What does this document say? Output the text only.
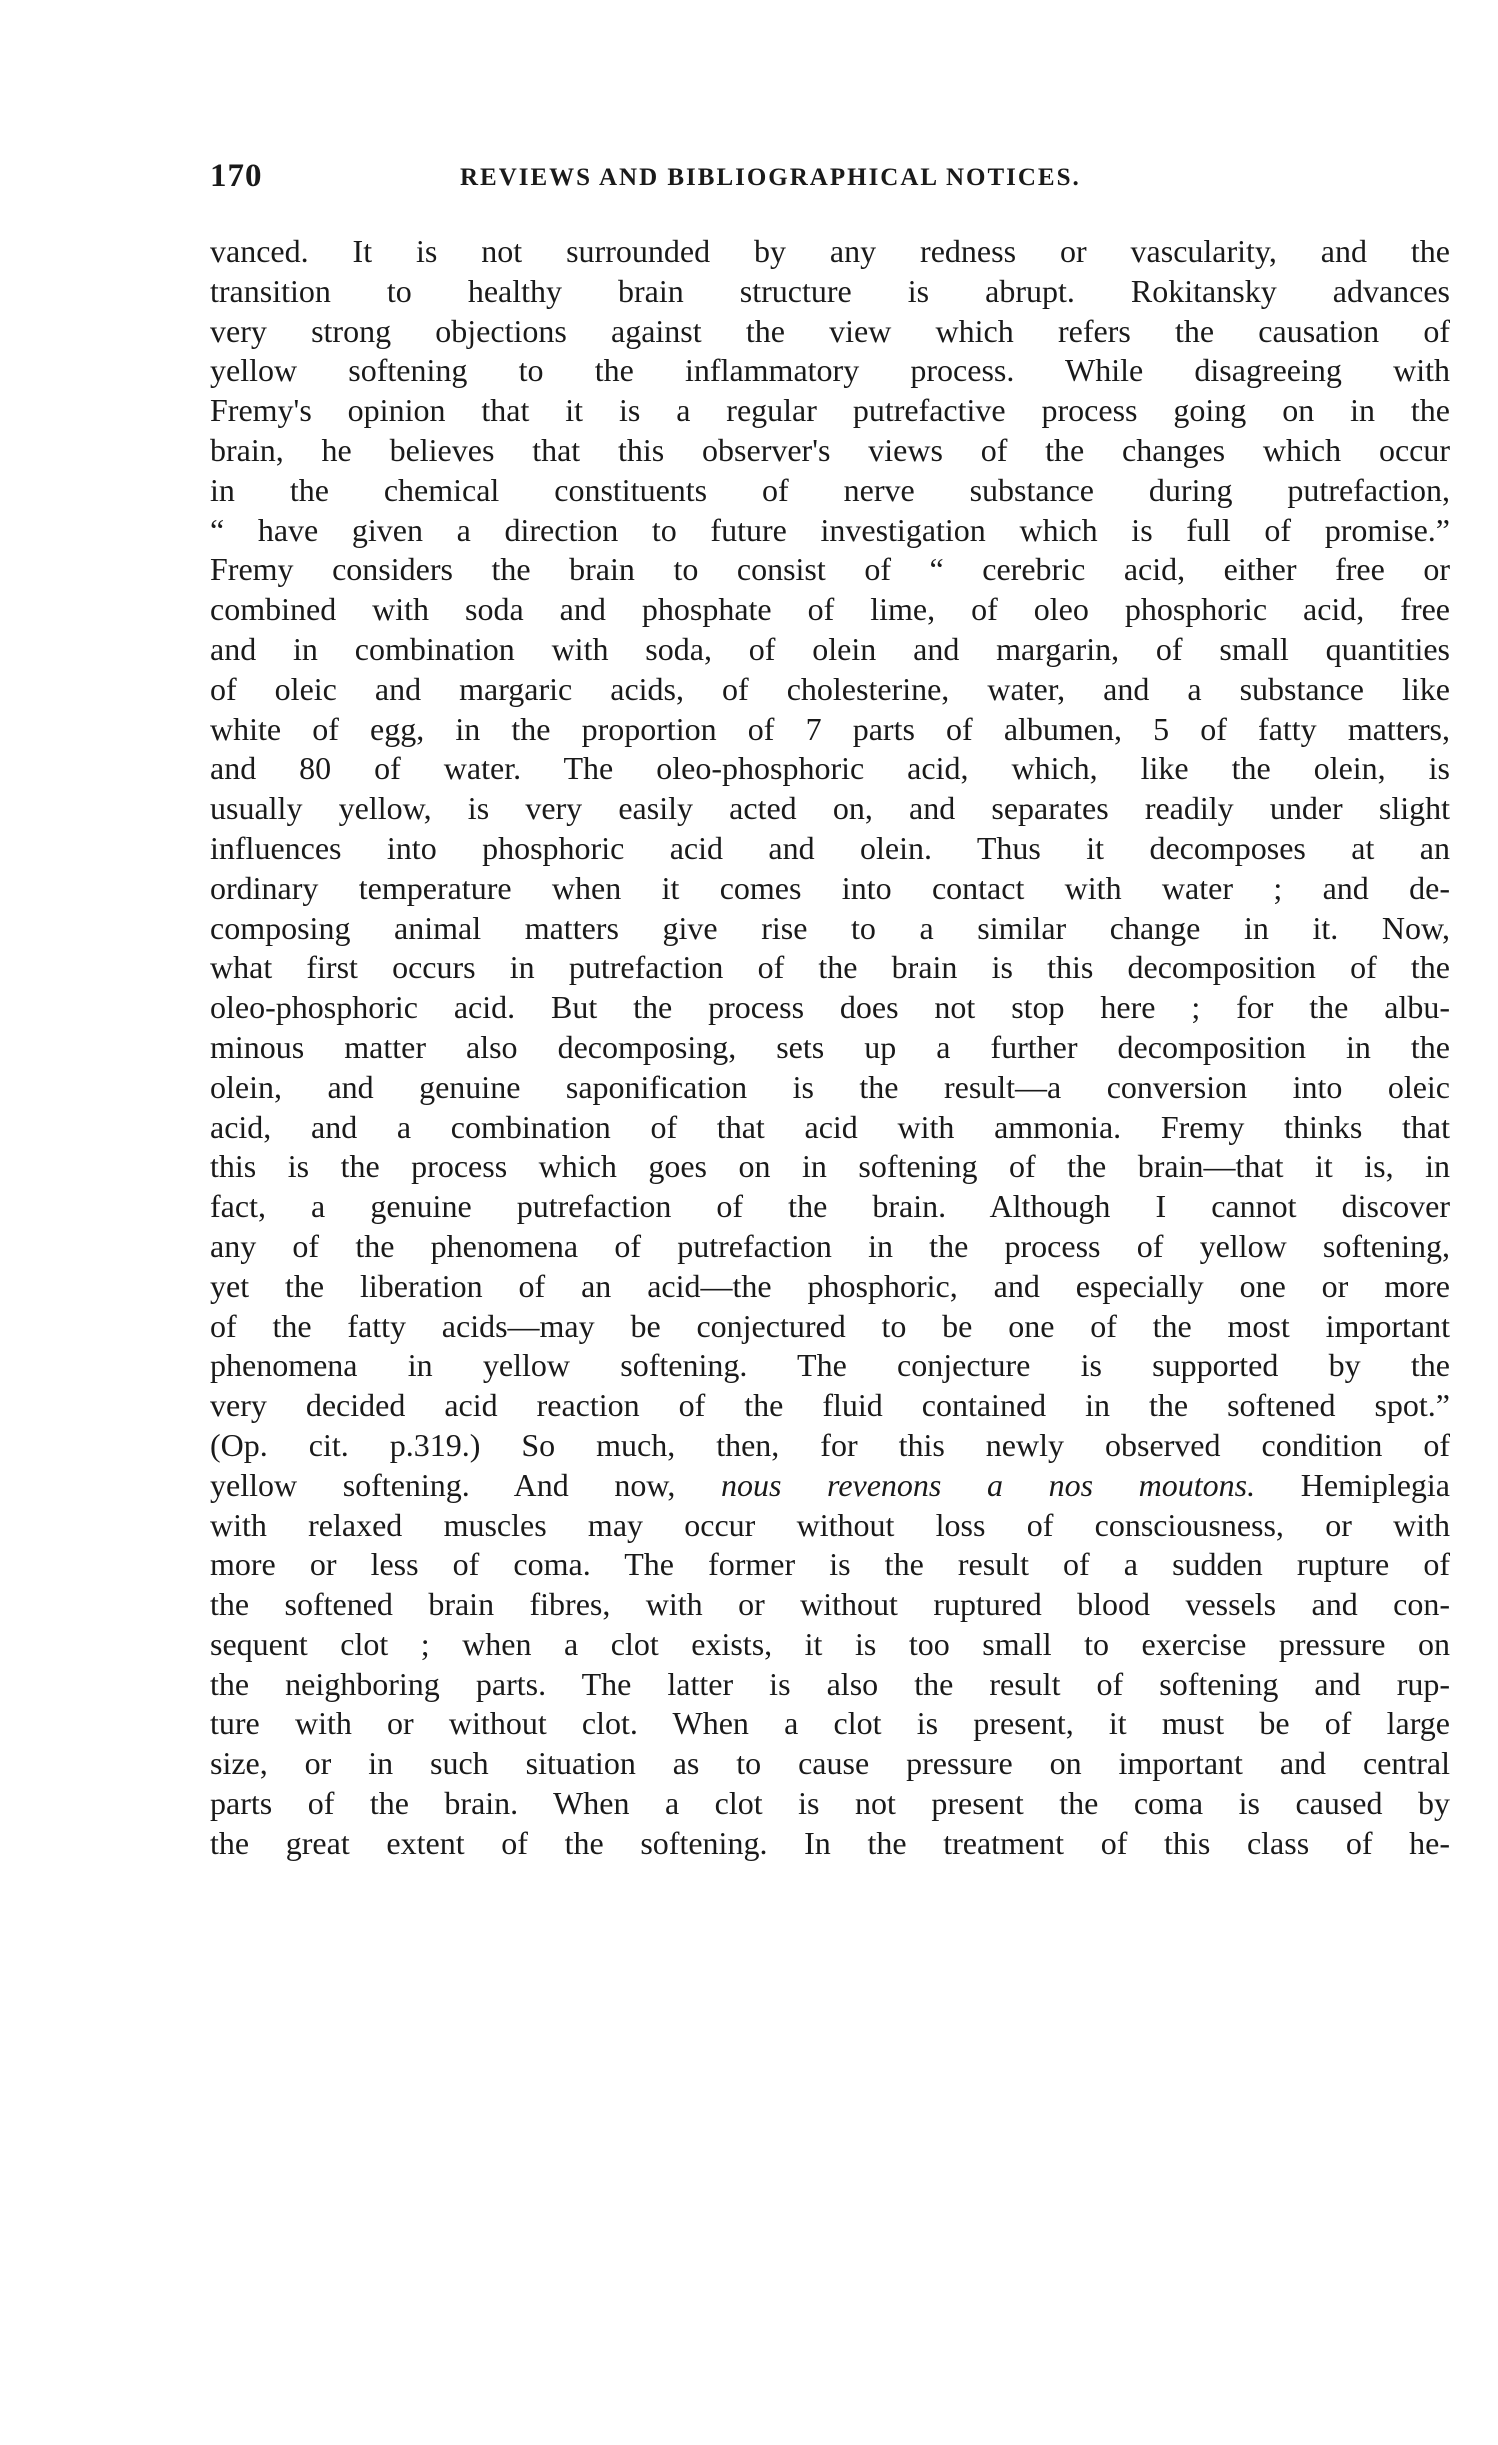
170	REVIEWS AND BIBLIOGRAPHICAL NOTICES.
vanced. It is not surrounded by any redness or vascularity, and the
transition to healthy brain structure is abrupt. Rokitansky advances
very strong objections against the view which refers the causation of
yellow softening to the inflammatory process. While disagreeing with
Fremy's opinion that it is a regular putrefactive process going on in the
brain, he believes that this observer's views of the changes which occur
in the chemical constituents of nerve substance during putrefaction,
“ have given a direction to future investigation which is full of promise.”
Fremy considers the brain to consist of “ cerebric acid, either free or
combined with soda and phosphate of lime, of oleo phosphoric acid, free
and in combination with soda, of olein and margarin, of small quantities
of oleic and margaric acids, of cholesterine, water, and a substance like
white of egg, in the proportion of 7 parts of albumen, 5 of fatty matters,
and 80 of water. The oleo-phosphoric acid, which, like the olein, is
usually yellow, is very easily acted on, and separates readily under slight
influences into phosphoric acid and olein. Thus it decomposes at an
ordinary temperature when it comes into contact with water ; and de-
composing animal matters give rise to a similar change in it. Now,
what first occurs in putrefaction of the brain is this decomposition of the
oleo-phosphoric acid. But the process does not stop here ; for the albu-
minous matter also decomposing, sets up a further decomposition in the
olein, and genuine saponification is the result—a conversion into oleic
acid, and a combination of that acid with ammonia. Fremy thinks that
this is the process which goes on in softening of the brain—that it is, in
fact, a genuine putrefaction of the brain. Although I cannot discover
any of the phenomena of putrefaction in the process of yellow softening,
yet the liberation of an acid—the phosphoric, and especially one or more
of the fatty acids—may be conjectured to be one of the most important
phenomena in yellow softening. The conjecture is supported by the
very decided acid reaction of the fluid contained in the softened spot.”
(Op. cit. p.319.) So much, then, for this newly observed condition of
yellow softening. And now, nous revenons a nos moutons. Hemiplegia
with relaxed muscles may occur without loss of consciousness, or with
more or less of coma. The former is the result of a sudden rupture of
the softened brain fibres, with or without ruptured blood vessels and con-
sequent clot ; when a clot exists, it is too small to exercise pressure on
the neighboring parts. The latter is also the result of softening and rup-
ture with or without clot. When a clot is present, it must be of large
size, or in such situation as to cause pressure on important and central
parts of the brain. When a clot is not present the coma is caused by
the great extent of the softening. In the treatment of this class of he-
